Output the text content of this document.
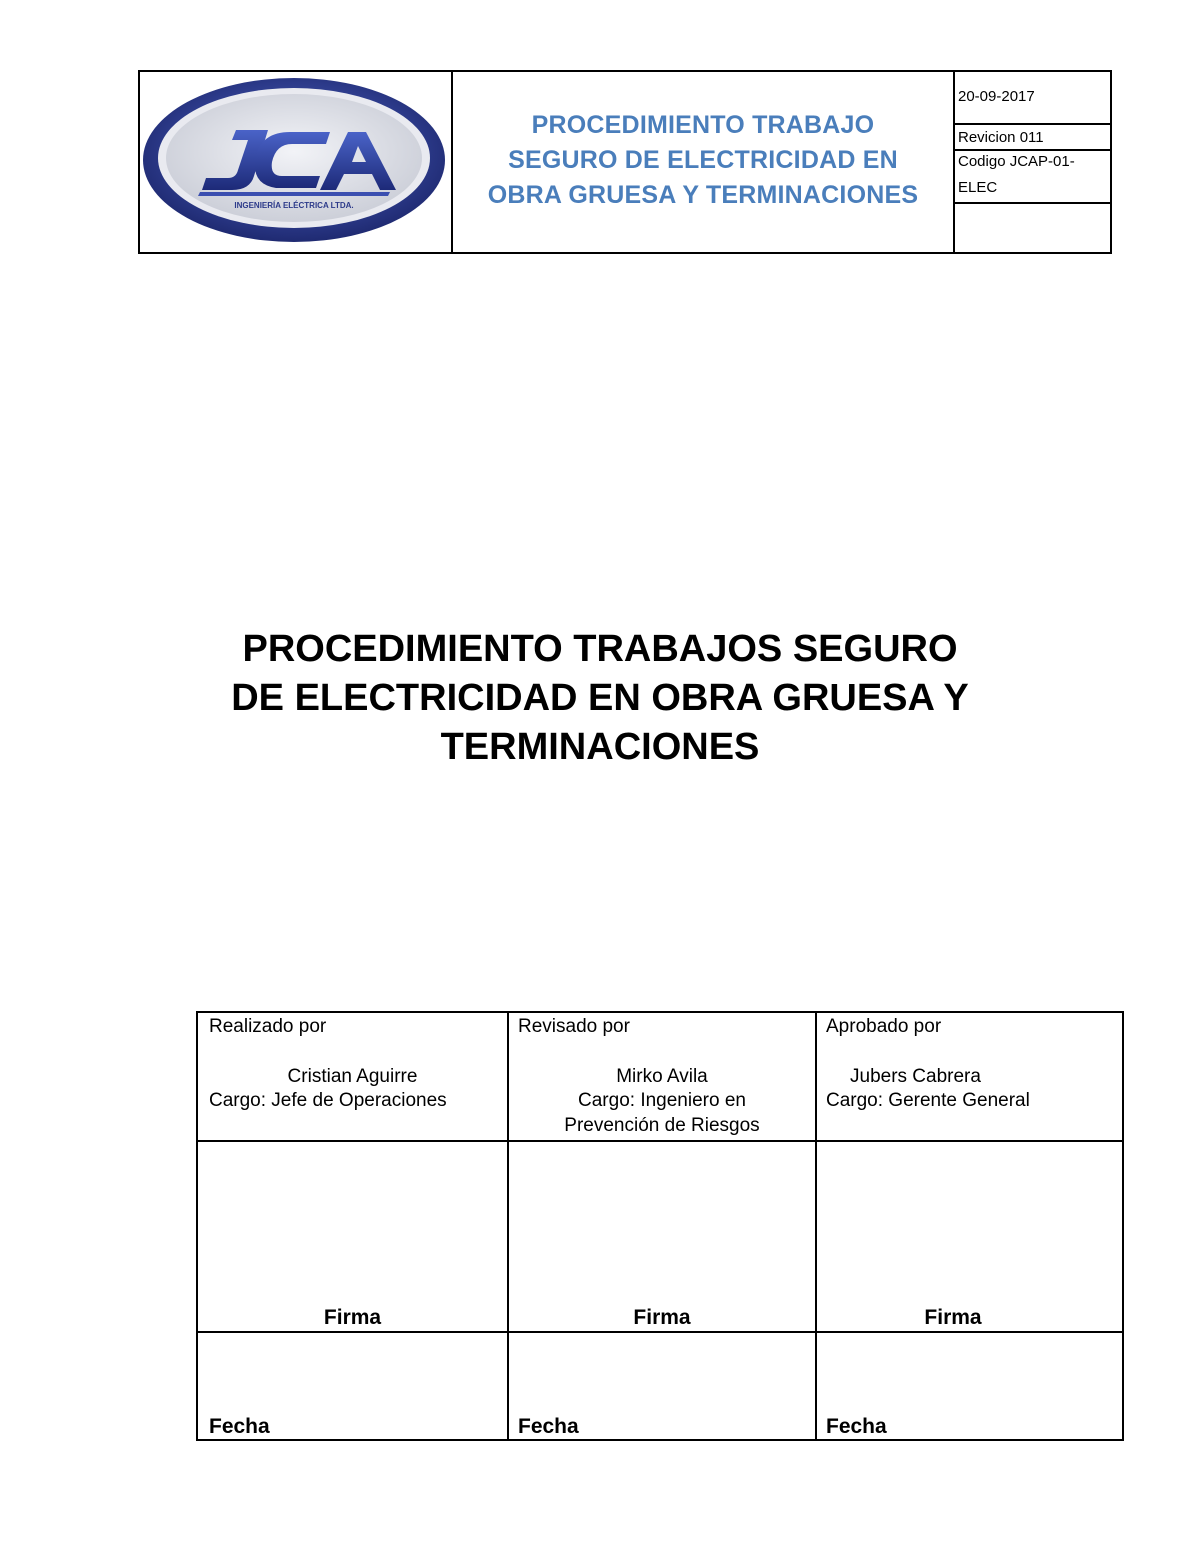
INGENIERÍA ELÉCTRICA LTDA.
PROCEDIMIENTO TRABAJO
SEGURO DE ELECTRICIDAD EN
OBRA GRUESA Y TERMINACIONES
20-09-2017
Revicion 011
Codigo JCAP-01-
ELEC
PROCEDIMIENTO TRABAJOS SEGURO
DE ELECTRICIDAD EN OBRA GRUESA Y
TERMINACIONES
Realizado por
Cristian Aguirre
Cargo: Jefe de Operaciones
Firma
Fecha
Revisado por
Mirko Avila
Cargo: Ingeniero en
Prevención de Riesgos
Firma
Fecha
Aprobado por
Jubers Cabrera
Cargo: Gerente General
Firma
Fecha
